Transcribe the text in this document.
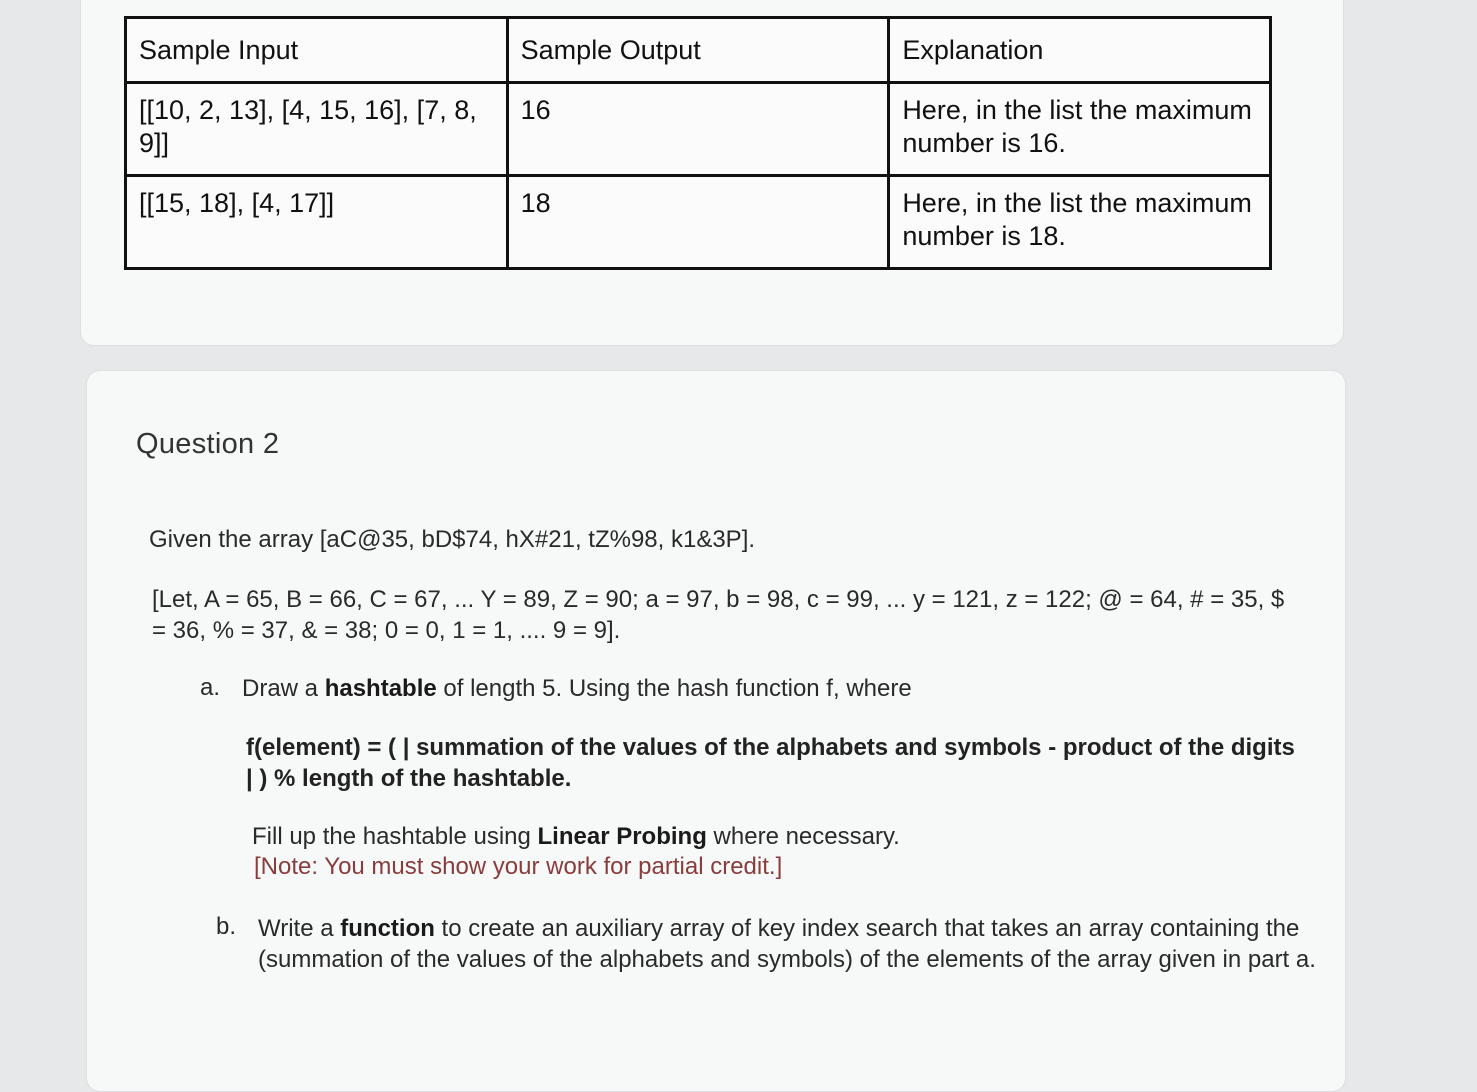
Sample Input	Sample Output	Explanation
[[10, 2, 13], [4, 15, 16], [7, 8, 9]]	16	Here, in the list the maximum number is 16.
[[15, 18], [4, 17]]	18	Here, in the list the maximum number is 18.
Question 2

Given the array [aC@35, bD$74, hX#21, tZ%98, k1&3P].

[Let, A = 65, B = 66, C = 67, ... Y = 89, Z = 90; a = 97, b = 98, c = 99, ... y = 121, z = 122; @ = 64, # = 35, $ = 36, % = 37, & = 38; 0 = 0, 1 = 1, .... 9 = 9].

a. Draw a hashtable of length 5. Using the hash function f, where

f(element) = ( | summation of the values of the alphabets and symbols - product of the digits | ) % length of the hashtable.

Fill up the hashtable using Linear Probing where necessary.

[Note: You must show your work for partial credit.]

b. Write a function to create an auxiliary array of key index search that takes an array containing the (summation of the values of the alphabets and symbols) of the elements of the array given in part a.
